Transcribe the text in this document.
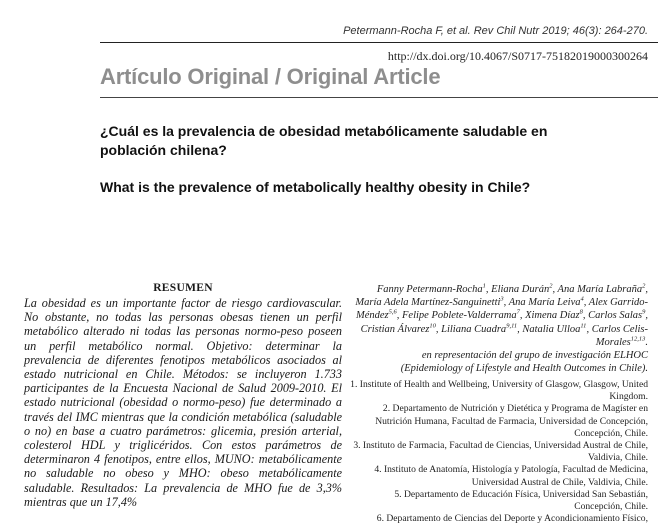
Petermann-Rocha F, et al. Rev Chil Nutr 2019; 46(3): 264-270.
http://dx.doi.org/10.4067/S0717-75182019000300264
Artículo Original / Original Article
¿Cuál es la prevalencia de obesidad metabólicamente saludable en población chilena?
What is the prevalence of metabolically healthy obesity in Chile?
RESUMEN
La obesidad es un importante factor de riesgo cardiovascular. No obstante, no todas las personas obesas tienen un perfil metabólico alterado ni todas las personas normo-peso poseen un perfil metabólico normal. Objetivo: determinar la prevalencia de diferentes fenotipos metabólicos asociados al estado nutricional en Chile. Métodos: se incluyeron 1.733 participantes de la Encuesta Nacional de Salud 2009-2010. El estado nutricional (obesidad o normo-peso) fue determinado a través del IMC mientras que la condición metabólica (saludable o no) en base a cuatro parámetros: glicemia, presión arterial, colesterol HDL y triglicéridos. Con estos parámetros de determinaron 4 fenotipos, entre ellos, MUNO: metabólicamente no saludable no obeso y MHO: obeso metabólicamente saludable. Resultados: La prevalencia de MHO fue de 3,3% mientras que un 17,4%
Fanny Petermann-Rocha$^1$, Eliana Durán$^2$, Ana María Labraña$^2$, María Adela Martínez-Sanguinetti$^3$, Ana María Leiva$^4$, Alex Garrido-Méndez$^{5,6}$, Felipe Poblete-Valderrama$^7$, Ximena Díaz$^8$, Carlos Salas$^9$, Cristian Álvarez$^{10}$, Liliana Cuadra$^{9,11}$, Natalia Ulloa$^{11}$, Carlos Celis-Morales$^{12,13}$.
en representación del grupo de investigación ELHOC
(Epidemiology of Lifestyle and Health Outcomes in Chile).
1. Institute of Health and Wellbeing, University of Glasgow, Glasgow, United Kingdom.
2. Departamento de Nutrición y Dietética y Programa de Magíster en Nutrición Humana, Facultad de Farmacia, Universidad de Concepción, Concepción, Chile.
3. Instituto de Farmacia, Facultad de Ciencias, Universidad Austral de Chile, Valdivia, Chile.
4. Instituto de Anatomía, Histología y Patología, Facultad de Medicina, Universidad Austral de Chile, Valdivia, Chile.
5. Departamento de Educación Física, Universidad San Sebastián, Concepción, Chile.
6. Departamento de Ciencias del Deporte y Acondicionamiento Físico,
